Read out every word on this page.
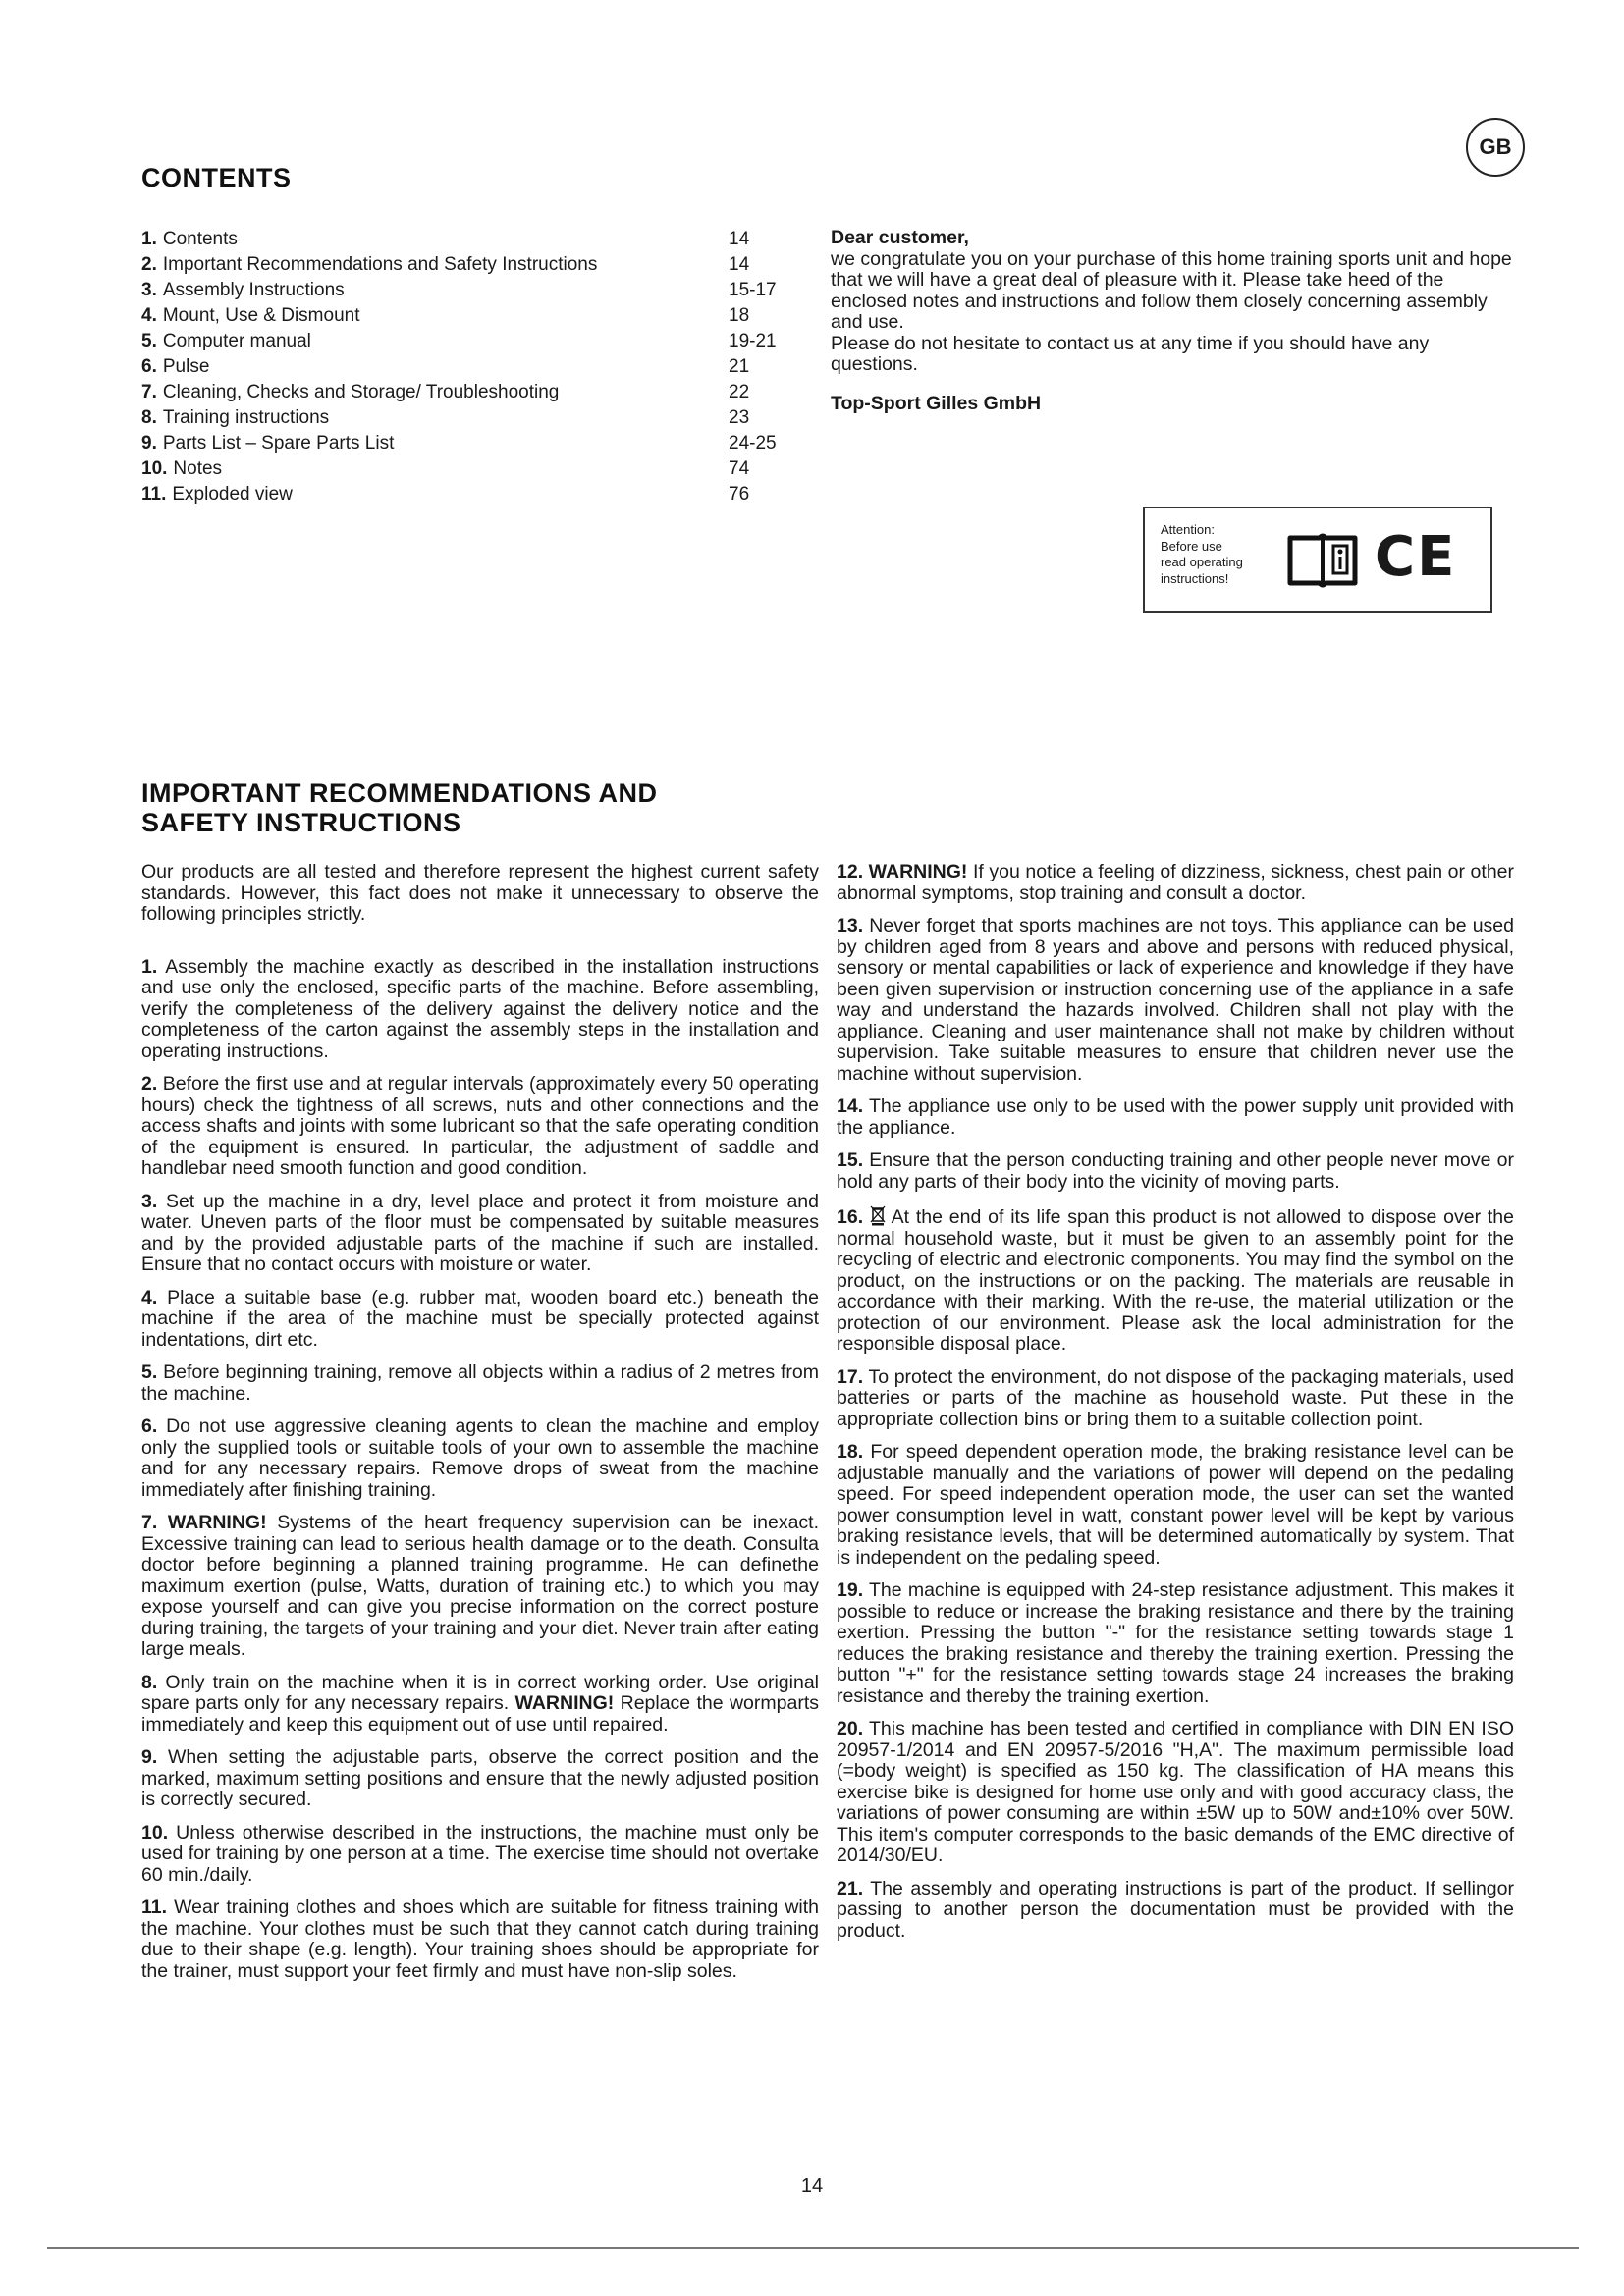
GB
CONTENTS
1. Contents	14
2. Important Recommendations and Safety Instructions	14
3. Assembly Instructions	15-17
4. Mount, Use & Dismount	18
5. Computer manual	19-21
6. Pulse	21
7. Cleaning, Checks and Storage/ Troubleshooting	22
8. Training instructions	23
9. Parts List – Spare Parts List	24-25
10. Notes	74
11. Exploded view	76
Dear customer,
we congratulate you on your purchase of this home training sports unit and hope that we will have a great deal of pleasure with it. Please take heed of the enclosed notes and instructions and follow them closely concerning assembly and use.
Please do not hesitate to contact us at any time if you should have any questions.
Top-Sport Gilles GmbH
Attention:
Before use
read operating
instructions!	CE
IMPORTANT RECOMMENDATIONS AND
SAFETY INSTRUCTIONS

Our products are all tested and therefore represent the highest current safety standards. However, this fact does not make it unnecessary to observe the following principles strictly.

1. Assembly the machine exactly as described in the installation instructions and use only the enclosed, specific parts of the machine. Before assembling, verify the completeness of the delivery against the delivery notice and the completeness of the carton against the assembly steps in the installation and operating instructions.

2. Before the first use and at regular intervals (approximately every 50 operating hours) check the tightness of all screws, nuts and other connections and the access shafts and joints with some lubricant so that the safe operating condition of the equipment is ensured. In particular, the adjustment of saddle and handlebar need smooth function and good condition.

3. Set up the machine in a dry, level place and protect it from moisture and water. Uneven parts of the floor must be compensated by suitable measures and by the provided adjustable parts of the machine if such are installed. Ensure that no contact occurs with moisture or water.

4. Place a suitable base (e.g. rubber mat, wooden board etc.) beneath the machine if the area of the machine must be specially protected against indentations, dirt etc.

5. Before beginning training, remove all objects within a radius of 2 metres from the machine.

6. Do not use aggressive cleaning agents to clean the machine and employ only the supplied tools or suitable tools of your own to assemble the machine and for any necessary repairs. Remove drops of sweat from the machine immediately after finishing training.

7. WARNING! Systems of the heart frequency supervision can be inexact. Excessive training can lead to serious health damage or to the death. Consulta doctor before beginning a planned training programme. He can definethe maximum exertion (pulse, Watts, duration of training etc.) to which you may expose yourself and can give you precise information on the correct posture during training, the targets of your training and your diet. Never train after eating large meals.

8. Only train on the machine when it is in correct working order. Use original spare parts only for any necessary repairs. WARNING! Replace the wormparts immediately and keep this equipment out of use until repaired.

9. When setting the adjustable parts, observe the correct position and the marked, maximum setting positions and ensure that the newly adjusted position is correctly secured.

10. Unless otherwise described in the instructions, the machine must only be used for training by one person at a time. The exercise time should not overtake 60 min./daily.

11. Wear training clothes and shoes which are suitable for fitness training with the machine. Your clothes must be such that they cannot catch during training due to their shape (e.g. length). Your training shoes should be appropriate for the trainer, must support your feet firmly and must have non-slip soles.

12. WARNING! If you notice a feeling of dizziness, sickness, chest pain or other abnormal symptoms, stop training and consult a doctor.

13. Never forget that sports machines are not toys. This appliance can be used by children aged from 8 years and above and persons with reduced physical, sensory or mental capabilities or lack of experience and knowledge if they have been given supervision or instruction concerning use of the appliance in a safe way and understand the hazards involved. Children shall not play with the appliance. Cleaning and user maintenance shall not make by children without supervision. Take suitable measures to ensure that children never use the machine without supervision.

14. The appliance use only to be used with the power supply unit provided with the appliance.

15. Ensure that the person conducting training and other people never move or hold any parts of their body into the vicinity of moving parts.

16. At the end of its life span this product is not allowed to dispose over the normal household waste, but it must be given to an assembly point for the recycling of electric and electronic components. You may find the symbol on the product, on the instructions or on the packing. The materials are reusable in accordance with their marking. With the re-use, the material utilization or the protection of our environment. Please ask the local administration for the responsible disposal place.

17. To protect the environment, do not dispose of the packaging materials, used batteries or parts of the machine as household waste. Put these in the appropriate collection bins or bring them to a suitable collection point.

18. For speed dependent operation mode, the braking resistance level can be adjustable manually and the variations of power will depend on the pedaling speed. For speed independent operation mode, the user can set the wanted power consumption level in watt, constant power level will be kept by various braking resistance levels, that will be determined automatically by system. That is independent on the pedaling speed.

19. The machine is equipped with 24-step resistance adjustment. This makes it possible to reduce or increase the braking resistance and there by the training exertion. Pressing the button "-" for the resistance setting towards stage 1 reduces the braking resistance and thereby the training exertion. Pressing the button "+" for the resistance setting towards stage 24 increases the braking resistance and thereby the training exertion.

20. This machine has been tested and certified in compliance with DIN EN ISO 20957-1/2014 and EN 20957-5/2016 "H,A". The maximum permissible load (=body weight) is specified as 150 kg. The classification of HA means this exercise bike is designed for home use only and with good accuracy class, the variations of power consuming are within ±5W up to 50W and±10% over 50W. This item's computer corresponds to the basic demands of the EMC directive of 2014/30/EU.

21. The assembly and operating instructions is part of the product. If sellingor passing to another person the documentation must be provided with the product.

14
